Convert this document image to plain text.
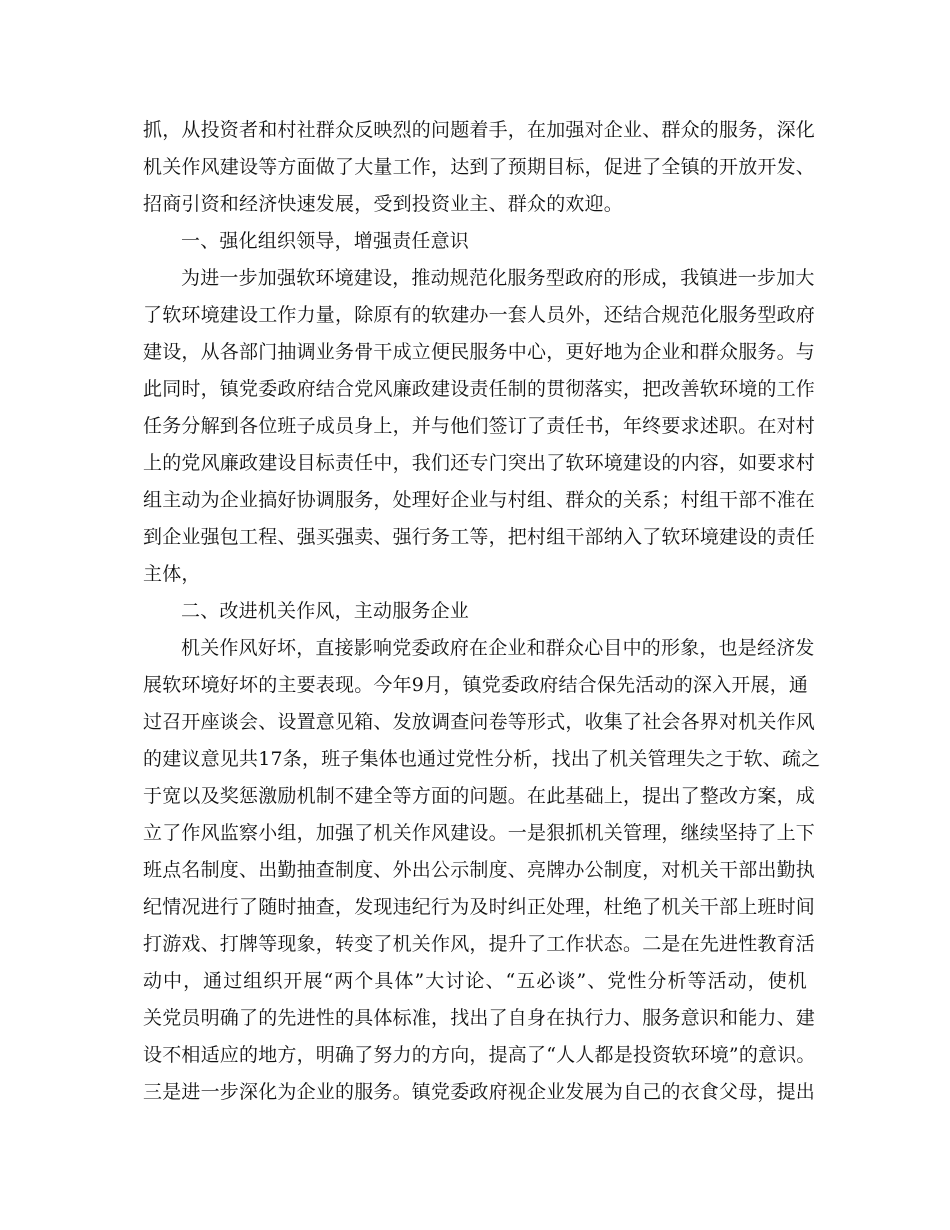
抓，从投资者和村社群众反映烈的问题着手，在加强对企业、群众的服务，深化
机关作风建设等方面做了大量工作，达到了预期目标，促进了全镇的开放开发、
招商引资和经济快速发展，受到投资业主、群众的欢迎。
一、强化组织领导，增强责任意识
为进一步加强软环境建设，推动规范化服务型政府的形成，我镇进一步加大
了软环境建设工作力量，除原有的软建办一套人员外，还结合规范化服务型政府
建设，从各部门抽调业务骨干成立便民服务中心，更好地为企业和群众服务。与
此同时，镇党委政府结合党风廉政建设责任制的贯彻落实，把改善软环境的工作
任务分解到各位班子成员身上，并与他们签订了责任书，年终要求述职。在对村
上的党风廉政建设目标责任中，我们还专门突出了软环境建设的内容，如要求村
组主动为企业搞好协调服务，处理好企业与村组、群众的关系；村组干部不准在
到企业强包工程、强买强卖、强行务工等，把村组干部纳入了软环境建设的责任
主体，
二、改进机关作风，主动服务企业
机关作风好坏，直接影响党委政府在企业和群众心目中的形象，也是经济发
展软环境好坏的主要表现。今年9月，镇党委政府结合保先活动的深入开展，通
过召开座谈会、设置意见箱、发放调查问卷等形式，收集了社会各界对机关作风
的建议意见共17条，班子集体也通过党性分析，找出了机关管理失之于软、疏之
于宽以及奖惩激励机制不建全等方面的问题。在此基础上，提出了整改方案，成
立了作风监察小组，加强了机关作风建设。一是狠抓机关管理，继续坚持了上下
班点名制度、出勤抽查制度、外出公示制度、亮牌办公制度，对机关干部出勤执
纪情况进行了随时抽查，发现违纪行为及时纠正处理，杜绝了机关干部上班时间
打游戏、打牌等现象，转变了机关作风，提升了工作状态。二是在先进性教育活
动中，通过组织开展“两个具体”大讨论、“五必谈”、党性分析等活动，使机
关党员明确了的先进性的具体标准，找出了自身在执行力、服务意识和能力、建
设不相适应的地方，明确了努力的方向，提高了“人人都是投资软环境”的意识。
三是进一步深化为企业的服务。镇党委政府视企业发展为自己的衣食父母，提出
